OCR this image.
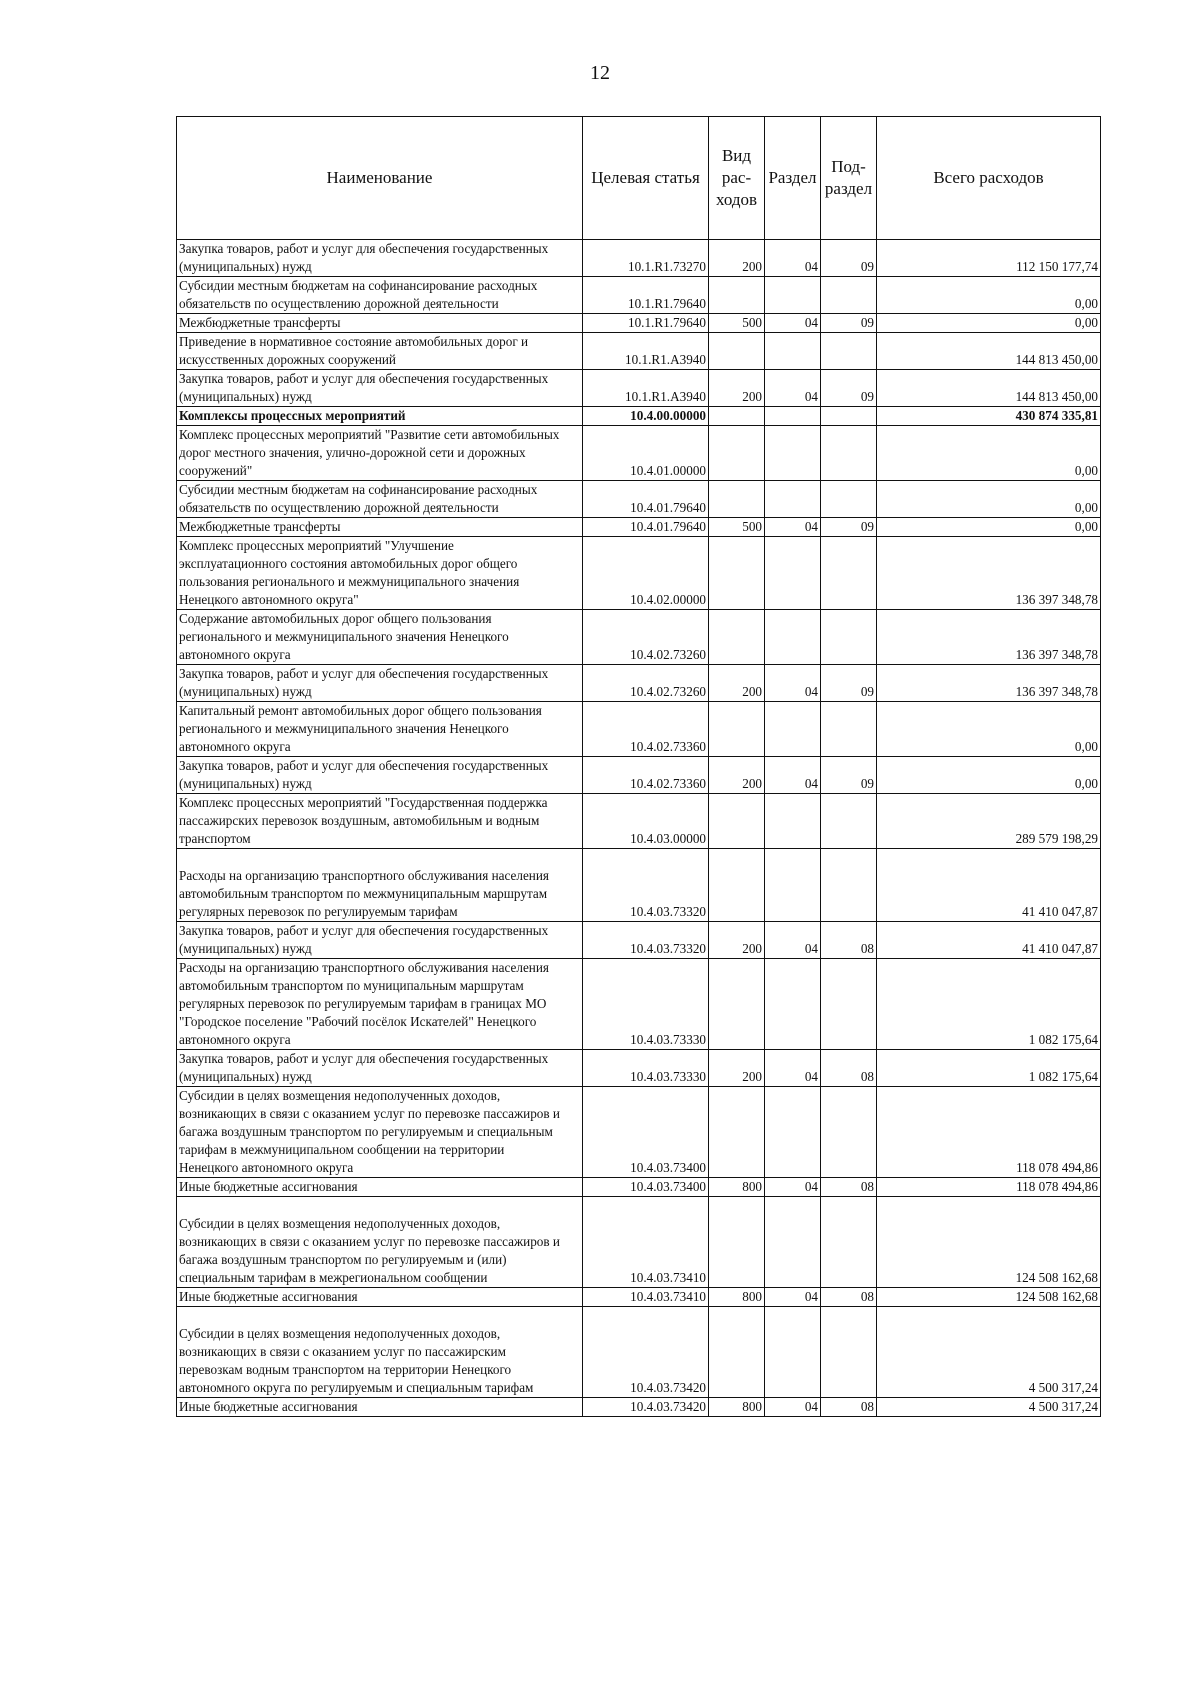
12
Наименование	Целевая статья	Вид рас- ходов	Раздел	Под- раздел	Всего расходов
Закупка товаров, работ и услуг для обеспечения государственных
(муниципальных) нужд	10.1.R1.73270	200	04	09	112 150 177,74
Субсидии местным бюджетам на софинансирование расходных
обязательств по осуществлению дорожной деятельности	10.1.R1.79640				0,00
Межбюджетные трансферты	10.1.R1.79640	500	04	09	0,00
Приведение в нормативное состояние автомобильных дорог и
искусственных дорожных сооружений	10.1.R1.A3940				144 813 450,00
Закупка товаров, работ и услуг для обеспечения государственных
(муниципальных) нужд	10.1.R1.A3940	200	04	09	144 813 450,00
Комплексы процессных мероприятий	10.4.00.00000				430 874 335,81
Комплекс процессных мероприятий "Развитие сети автомобильных
дорог местного значения, улично-дорожной сети и дорожных
сооружений"	10.4.01.00000				0,00
Субсидии местным бюджетам на софинансирование расходных
обязательств по осуществлению дорожной деятельности	10.4.01.79640				0,00
Межбюджетные трансферты	10.4.01.79640	500	04	09	0,00
Комплекс процессных мероприятий "Улучшение
эксплуатационного состояния автомобильных дорог общего
пользования регионального и межмуниципального значения
Ненецкого автономного округа"	10.4.02.00000				136 397 348,78
Содержание автомобильных дорог общего пользования
регионального и межмуниципального значения Ненецкого
автономного округа	10.4.02.73260				136 397 348,78
Закупка товаров, работ и услуг для обеспечения государственных
(муниципальных) нужд	10.4.02.73260	200	04	09	136 397 348,78
Капитальный ремонт автомобильных дорог общего пользования
регионального и межмуниципального значения Ненецкого
автономного округа	10.4.02.73360				0,00
Закупка товаров, работ и услуг для обеспечения государственных
(муниципальных) нужд	10.4.02.73360	200	04	09	0,00
Комплекс процессных мероприятий "Государственная поддержка
пассажирских перевозок воздушным, автомобильным и водным
транспортом	10.4.03.00000				289 579 198,29

Расходы на организацию транспортного обслуживания населения
автомобильным транспортом по межмуниципальным маршрутам
регулярных перевозок по регулируемым тарифам	10.4.03.73320				41 410 047,87
Закупка товаров, работ и услуг для обеспечения государственных
(муниципальных) нужд	10.4.03.73320	200	04	08	41 410 047,87
Расходы на организацию транспортного обслуживания населения
автомобильным транспортом по муниципальным маршрутам
регулярных перевозок по регулируемым тарифам в границах МО
"Городское поселение "Рабочий посёлок Искателей" Ненецкого
автономного округа	10.4.03.73330				1 082 175,64
Закупка товаров, работ и услуг для обеспечения государственных
(муниципальных) нужд	10.4.03.73330	200	04	08	1 082 175,64
Субсидии в целях возмещения недополученных доходов,
возникающих в связи с оказанием услуг по перевозке пассажиров и
багажа воздушным транспортом по регулируемым и специальным
тарифам в межмуниципальном сообщении на территории
Ненецкого автономного округа	10.4.03.73400				118 078 494,86
Иные бюджетные ассигнования	10.4.03.73400	800	04	08	118 078 494,86

Субсидии в целях возмещения недополученных доходов,
возникающих в связи с оказанием услуг по перевозке пассажиров и
багажа воздушным транспортом по регулируемым и (или)
специальным тарифам в межрегиональном сообщении	10.4.03.73410				124 508 162,68
Иные бюджетные ассигнования	10.4.03.73410	800	04	08	124 508 162,68

Субсидии в целях возмещения недополученных доходов,
возникающих в связи с оказанием услуг по пассажирским
перевозкам водным транспортом на территории Ненецкого
автономного округа по регулируемым и специальным тарифам	10.4.03.73420				4 500 317,24
Иные бюджетные ассигнования	10.4.03.73420	800	04	08	4 500 317,24
